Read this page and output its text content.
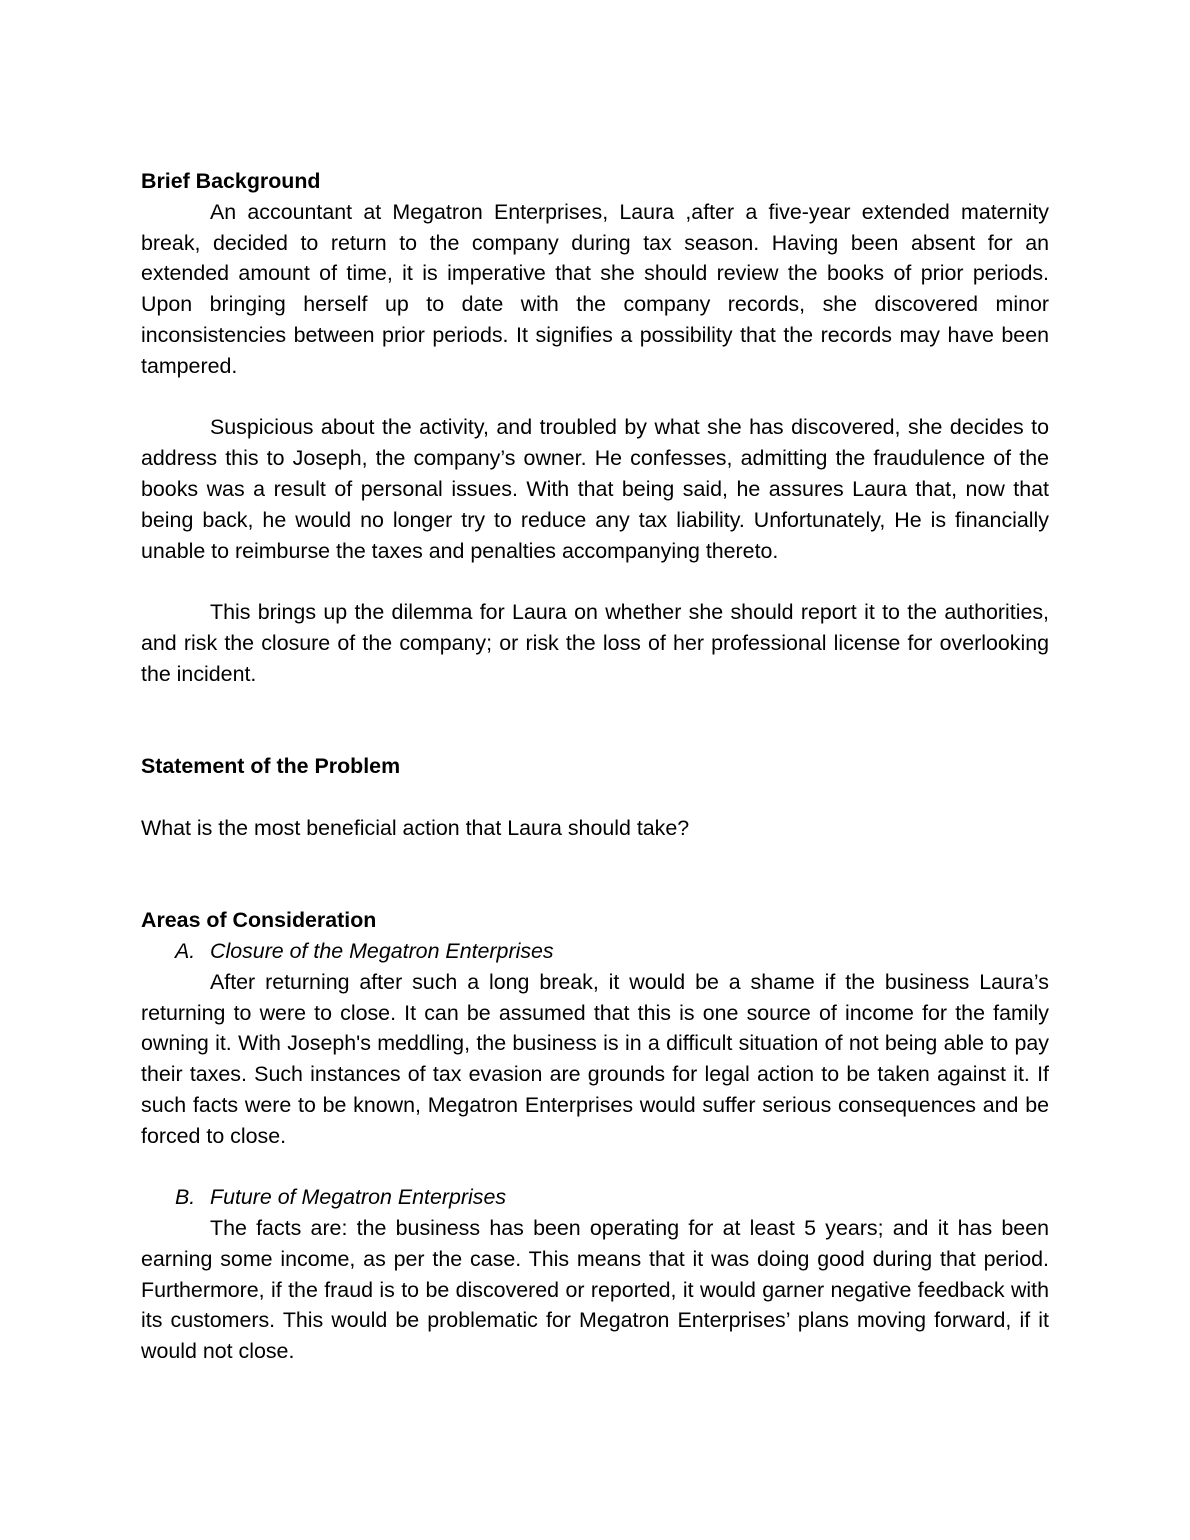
Brief Background

An accountant at Megatron Enterprises, Laura ,after a five-year extended maternity break, decided to return to the company during tax season. Having been absent for an extended amount of time, it is imperative that she should review the books of prior periods. Upon bringing herself up to date with the company records, she discovered minor inconsistencies between prior periods. It signifies a possibility that the records may have been tampered.

Suspicious about the activity, and troubled by what she has discovered, she decides to address this to Joseph, the company’s owner. He confesses, admitting the fraudulence of the books was a result of personal issues. With that being said, he assures Laura that, now that being back, he would no longer try to reduce any tax liability. Unfortunately, He is financially unable to reimburse the taxes and penalties accompanying thereto.

This brings up the dilemma for Laura on whether she should report it to the authorities, and risk the closure of the company; or risk the loss of her professional license for overlooking the incident.

Statement of the Problem

What is the most beneficial action that Laura should take?

Areas of Consideration

A. Closure of the Megatron Enterprises

After returning after such a long break, it would be a shame if the business Laura’s returning to were to close. It can be assumed that this is one source of income for the family owning it. With Joseph's meddling, the business is in a difficult situation of not being able to pay their taxes. Such instances of tax evasion are grounds for legal action to be taken against it. If such facts were to be known, Megatron Enterprises would suffer serious consequences and be forced to close.

B. Future of Megatron Enterprises

The facts are: the business has been operating for at least 5 years; and it has been earning some income, as per the case. This means that it was doing good during that period. Furthermore, if the fraud is to be discovered or reported, it would garner negative feedback with its customers. This would be problematic for Megatron Enterprises’ plans moving forward, if it would not close.
